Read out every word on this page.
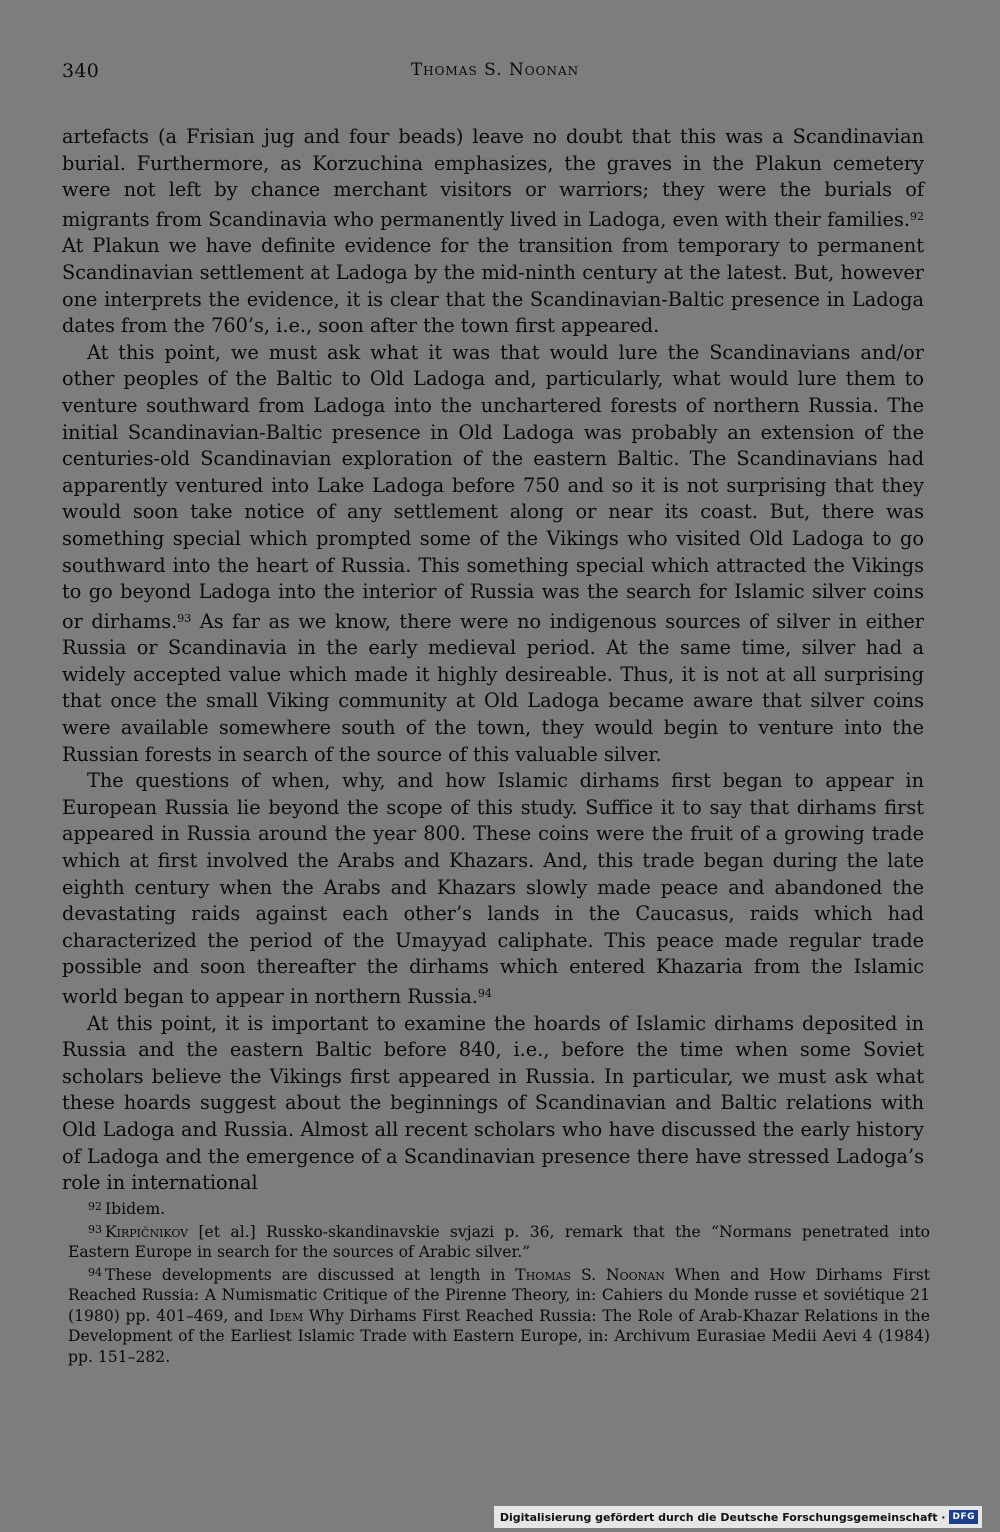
340	Thomas S. Noonan

artefacts (a Frisian jug and four beads) leave no doubt that this was a Scandinavian burial. Furthermore, as Korzuchina emphasizes, the graves in the Plakun cemetery were not left by chance merchant visitors or warriors; they were the burials of migrants from Scandinavia who permanently lived in Ladoga, even with their families.$^{92}$ At Plakun we have definite evidence for the transition from temporary to permanent Scandinavian settlement at Ladoga by the mid-ninth century at the latest. But, however one interprets the evidence, it is clear that the Scandinavian-Baltic presence in Ladoga dates from the 760’s, i.e., soon after the town first appeared.

At this point, we must ask what it was that would lure the Scandinavians and/or other peoples of the Baltic to Old Ladoga and, particularly, what would lure them to venture southward from Ladoga into the unchartered forests of northern Russia. The initial Scandinavian-Baltic presence in Old Ladoga was probably an extension of the centuries-old Scandinavian exploration of the eastern Baltic. The Scandinavians had apparently ventured into Lake Ladoga before 750 and so it is not surprising that they would soon take notice of any settlement along or near its coast. But, there was something special which prompted some of the Vikings who visited Old Ladoga to go southward into the heart of Russia. This something special which attracted the Vikings to go beyond Ladoga into the interior of Russia was the search for Islamic silver coins or dirhams.$^{93}$ As far as we know, there were no indigenous sources of silver in either Russia or Scandinavia in the early medieval period. At the same time, silver had a widely accepted value which made it highly desireable. Thus, it is not at all surprising that once the small Viking community at Old Ladoga became aware that silver coins were available somewhere south of the town, they would begin to venture into the Russian forests in search of the source of this valuable silver.

The questions of when, why, and how Islamic dirhams first began to appear in European Russia lie beyond the scope of this study. Suffice it to say that dirhams first appeared in Russia around the year 800. These coins were the fruit of a growing trade which at first involved the Arabs and Khazars. And, this trade began during the late eighth century when the Arabs and Khazars slowly made peace and abandoned the devastating raids against each other’s lands in the Caucasus, raids which had characterized the period of the Umayyad caliphate. This peace made regular trade possible and soon thereafter the dirhams which entered Khazaria from the Islamic world began to appear in northern Russia.$^{94}$

At this point, it is important to examine the hoards of Islamic dirhams deposited in Russia and the eastern Baltic before 840, i.e., before the time when some Soviet scholars believe the Vikings first appeared in Russia. In particular, we must ask what these hoards suggest about the beginnings of Scandinavian and Baltic relations with Old Ladoga and Russia. Almost all recent scholars who have discussed the early history of Ladoga and the emergence of a Scandinavian presence there have stressed Ladoga’s role in international

$^{92}$ Ibidem.

$^{93}$ Kirpičnikov [et al.] Russko-skandinavskie svjazi p. 36, remark that the “Normans penetrated into Eastern Europe in search for the sources of Arabic silver.”

$^{94}$ These developments are discussed at length in Thomas S. Noonan When and How Dirhams First Reached Russia: A Numismatic Critique of the Pirenne Theory, in: Cahiers du Monde russe et soviétique 21 (1980) pp. 401–469, and Idem Why Dirhams First Reached Russia: The Role of Arab-Khazar Relations in the Development of the Earliest Islamic Trade with Eastern Europe, in: Archivum Eurasiae Medii Aevi 4 (1984) pp. 151–282.

Digitalisierung gefördert durch die Deutsche Forschungsgemeinschaft · DFG
